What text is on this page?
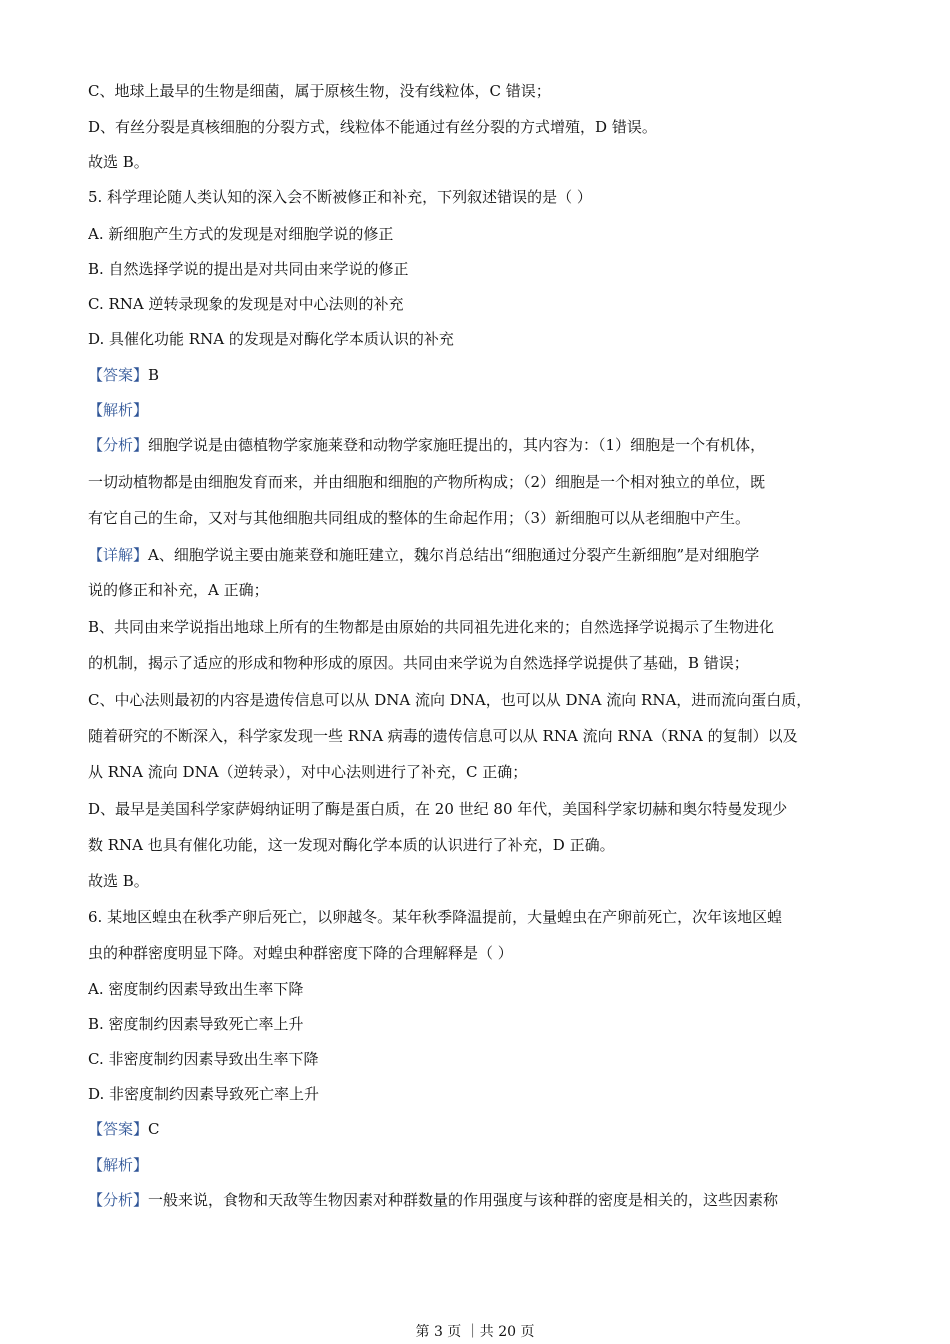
C、地球上最早的生物是细菌，属于原核生物，没有线粒体，C 错误；
D、有丝分裂是真核细胞的分裂方式，线粒体不能通过有丝分裂的方式增殖，D 错误。
故选 B。
5. 科学理论随人类认知的深入会不断被修正和补充，下列叙述错误的是（ ）
A. 新细胞产生方式的发现是对细胞学说的修正
B. 自然选择学说的提出是对共同由来学说的修正
C. RNA 逆转录现象的发现是对中心法则的补充
D. 具催化功能 RNA 的发现是对酶化学本质认识的补充
【答案】B
【解析】
【分析】细胞学说是由德植物学家施莱登和动物学家施旺提出的，其内容为：（1）细胞是一个有机体，
一切动植物都是由细胞发育而来，并由细胞和细胞的产物所构成；（2）细胞是一个相对独立的单位，既
有它自己的生命，又对与其他细胞共同组成的整体的生命起作用；（3）新细胞可以从老细胞中产生。
【详解】A、细胞学说主要由施莱登和施旺建立，魏尔肖总结出“细胞通过分裂产生新细胞”是对细胞学
说的修正和补充，A 正确；
B、共同由来学说指出地球上所有的生物都是由原始的共同祖先进化来的；自然选择学说揭示了生物进化
的机制，揭示了适应的形成和物种形成的原因。共同由来学说为自然选择学说提供了基础，B 错误；
C、中心法则最初的内容是遗传信息可以从 DNA 流向 DNA，也可以从 DNA 流向 RNA，进而流向蛋白质，
随着研究的不断深入，科学家发现一些 RNA 病毒的遗传信息可以从 RNA 流向 RNA（RNA 的复制）以及
从 RNA 流向 DNA（逆转录），对中心法则进行了补充，C 正确；
D、最早是美国科学家萨姆纳证明了酶是蛋白质，在 20 世纪 80 年代，美国科学家切赫和奥尔特曼发现少
数 RNA 也具有催化功能，这一发现对酶化学本质的认识进行了补充，D 正确。
故选 B。
6. 某地区蝗虫在秋季产卵后死亡，以卵越冬。某年秋季降温提前，大量蝗虫在产卵前死亡，次年该地区蝗
虫的种群密度明显下降。对蝗虫种群密度下降的合理解释是（ ）
A. 密度制约因素导致出生率下降
B. 密度制约因素导致死亡率上升
C. 非密度制约因素导致出生率下降
D. 非密度制约因素导致死亡率上升
【答案】C
【解析】
【分析】一般来说，食物和天敌等生物因素对种群数量的作用强度与该种群的密度是相关的，这些因素称
第 3 页 ｜共 20 页
